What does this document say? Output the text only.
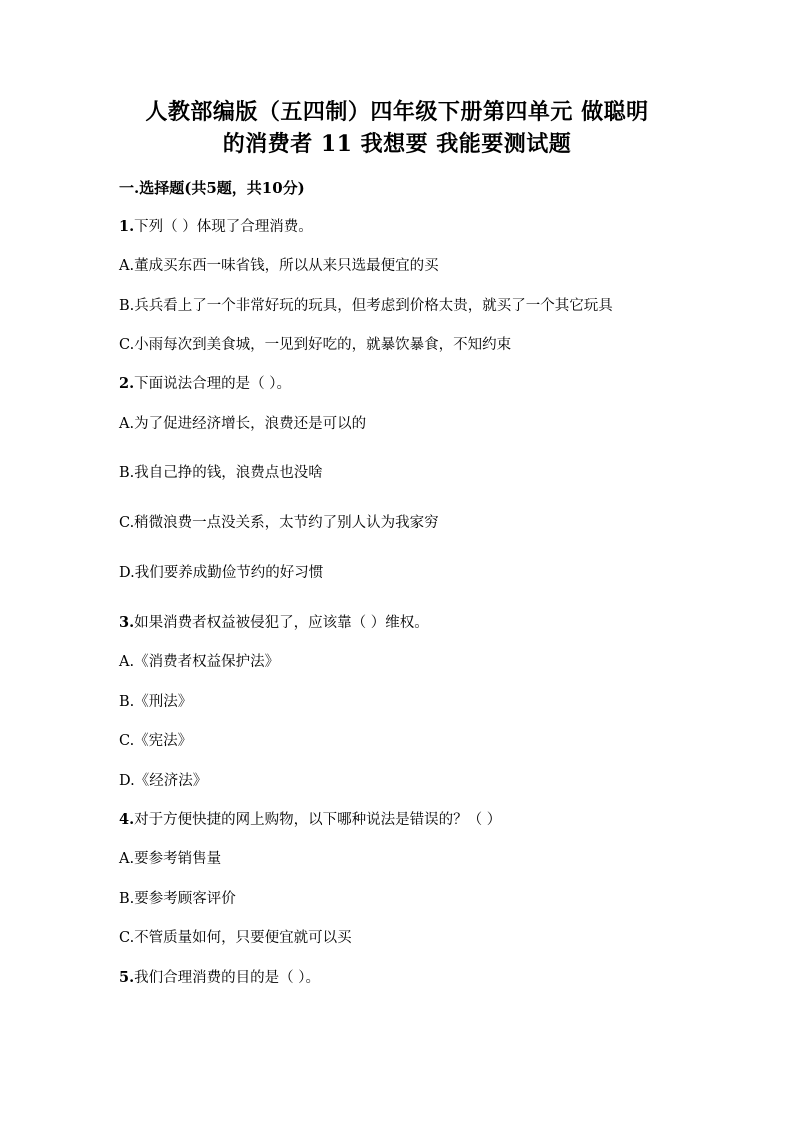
人教部编版（五四制）四年级下册第四单元 做聪明
的消费者 11 我想要 我能要测试题
一.选择题(共5题，共10分)
1.下列（ ）体现了合理消费。
A.董成买东西一味省钱，所以从来只选最便宜的买
B.兵兵看上了一个非常好玩的玩具，但考虑到价格太贵，就买了一个其它玩具
C.小雨每次到美食城，一见到好吃的，就暴饮暴食，不知约束
2.下面说法合理的是（ ）。
A.为了促进经济增长，浪费还是可以的
B.我自己挣的钱，浪费点也没啥
C.稍微浪费一点没关系，太节约了别人认为我家穷
D.我们要养成勤俭节约的好习惯
3.如果消费者权益被侵犯了，应该靠（ ）维权。
A.《消费者权益保护法》
B.《刑法》
C.《宪法》
D.《经济法》
4.对于方便快捷的网上购物，以下哪种说法是错误的？（ ）
A.要参考销售量
B.要参考顾客评价
C.不管质量如何，只要便宜就可以买
5.我们合理消费的目的是（ ）。
